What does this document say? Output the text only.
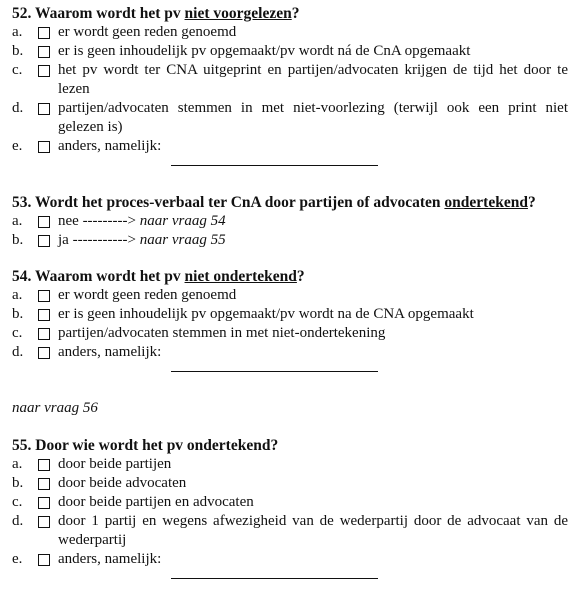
52. Waarom wordt het pv niet voorgelezen?

a.	er wordt geen reden genoemd
b.	er is geen inhoudelijk pv opgemaakt/pv wordt ná de CnA opgemaakt
c.	het pv wordt ter CNA uitgeprint en partijen/advocaten krijgen de tijd het door te lezen
d.	partijen/advocaten stemmen in met niet-voorlezing (terwijl ook een print niet gelezen is)
e.	anders, namelijk:

53. Wordt het proces-verbaal ter CnA door partijen of advocaten ondertekend?

a.	nee ---------> naar vraag 54
b.	ja -----------> naar vraag 55

54. Waarom wordt het pv niet ondertekend?

a.	er wordt geen reden genoemd
b.	er is geen inhoudelijk pv opgemaakt/pv wordt na de CNA opgemaakt
c.	partijen/advocaten stemmen in met niet-ondertekening
d.	anders, namelijk:
naar vraag 56

55. Door wie wordt het pv ondertekend?

a.	door beide partijen
b.	door beide advocaten
c.	door beide partijen en advocaten
d.	door 1 partij en wegens afwezigheid van de wederpartij door de advocaat van de wederpartij
e.	anders, namelijk:
